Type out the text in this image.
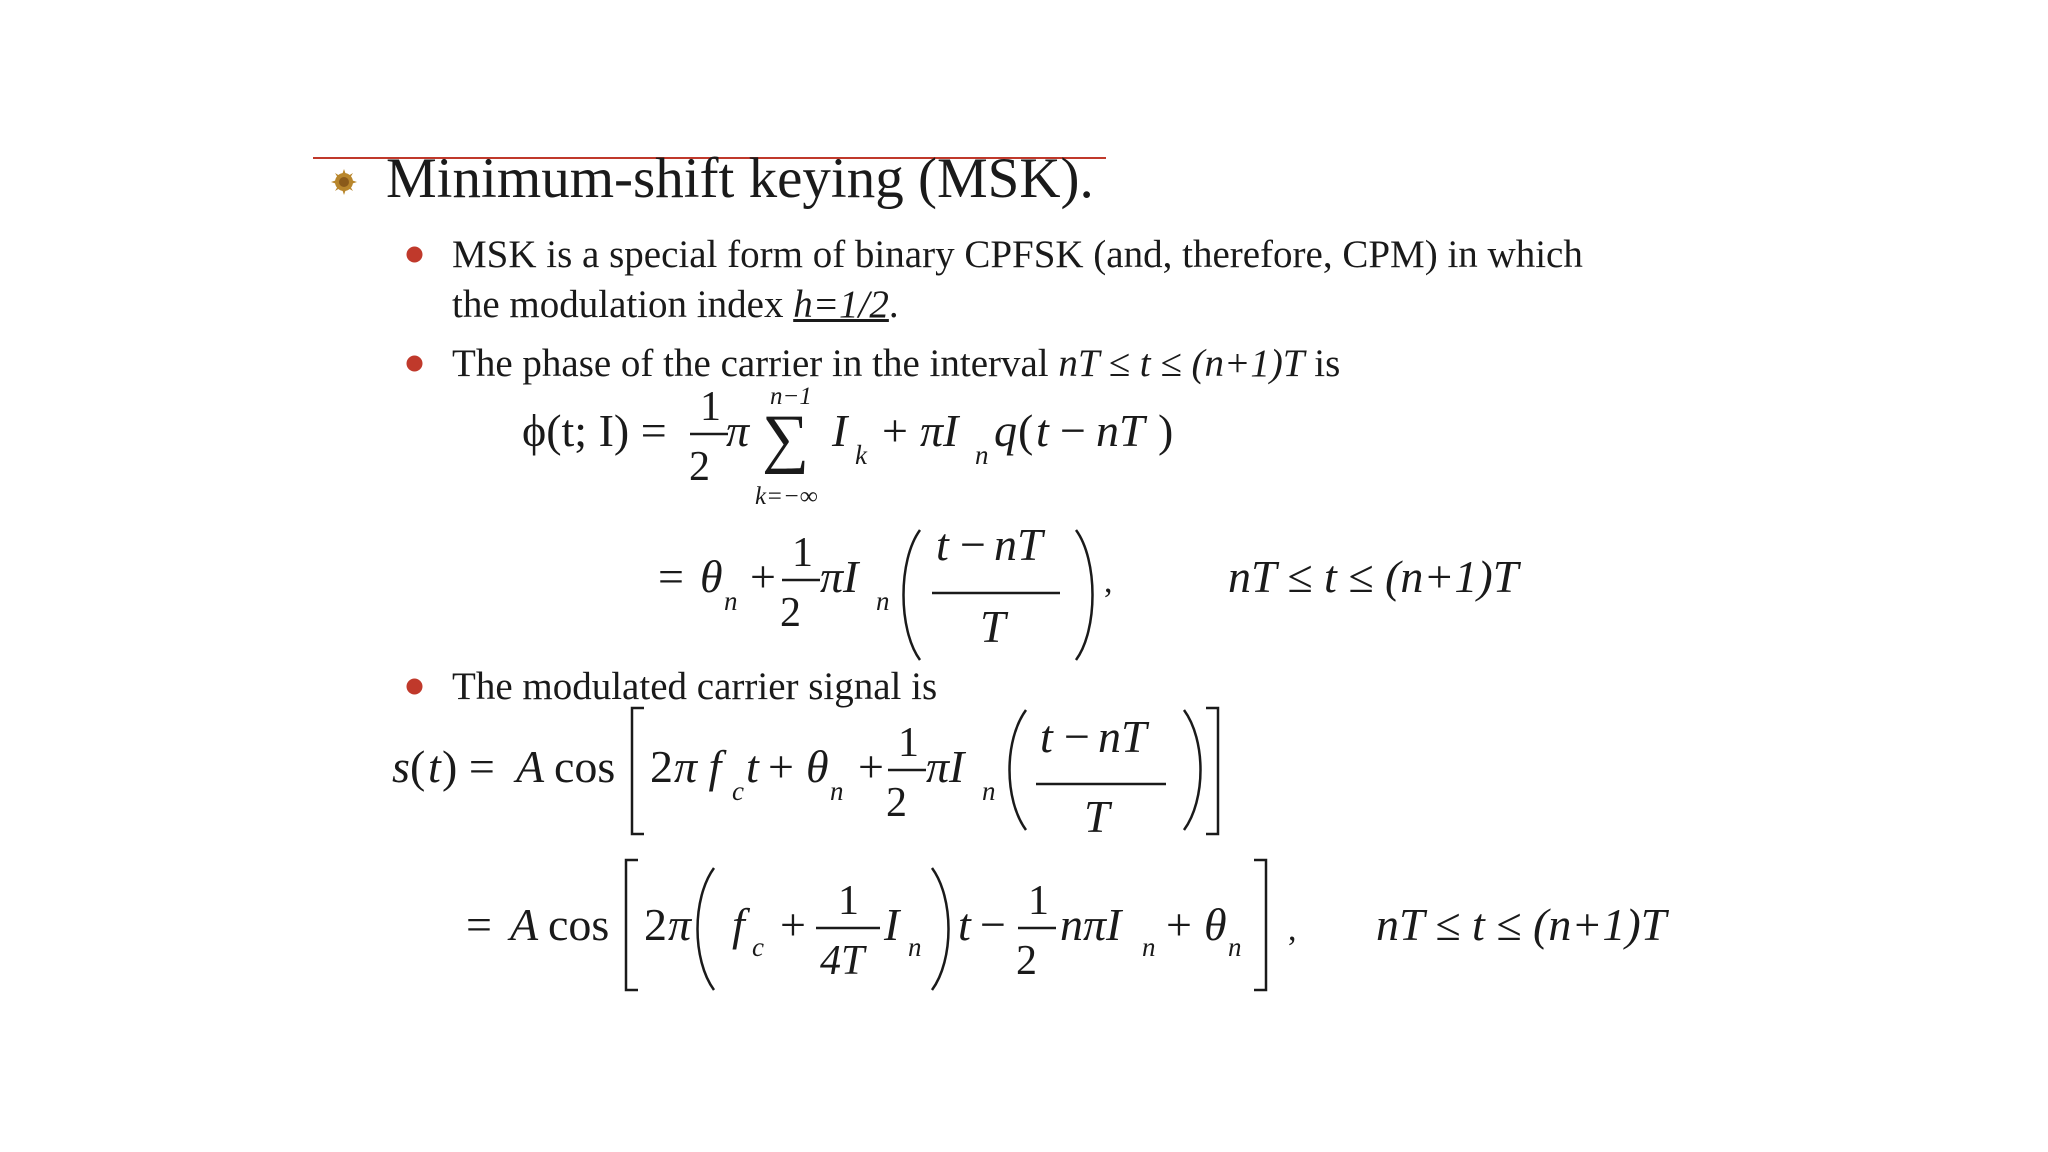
Minimum-shift keying (MSK).
MSK is a special form of binary CPFSK (and, therefore, CPM) in which
the modulation index h=1/2.
The phase of the carrier in the interval nT ≤ t ≤ (n+1)T is
ϕ(t; I) = 1
2
π
n−1
∑
k=−∞
I k + πI n q ( t − nT )
= θ n + 1
2
πI n
t − nT
T
,	nT ≤ t ≤ (n+1)T
The modulated carrier signal is
s ( t ) = A cos 2 π f c t + θ n + 1
2
πI n
t − nT
T
= A cos 2 π f c + 1
4T
I n t − 1
2
nπI n + θ n , nT ≤ t ≤ (n+1)T
